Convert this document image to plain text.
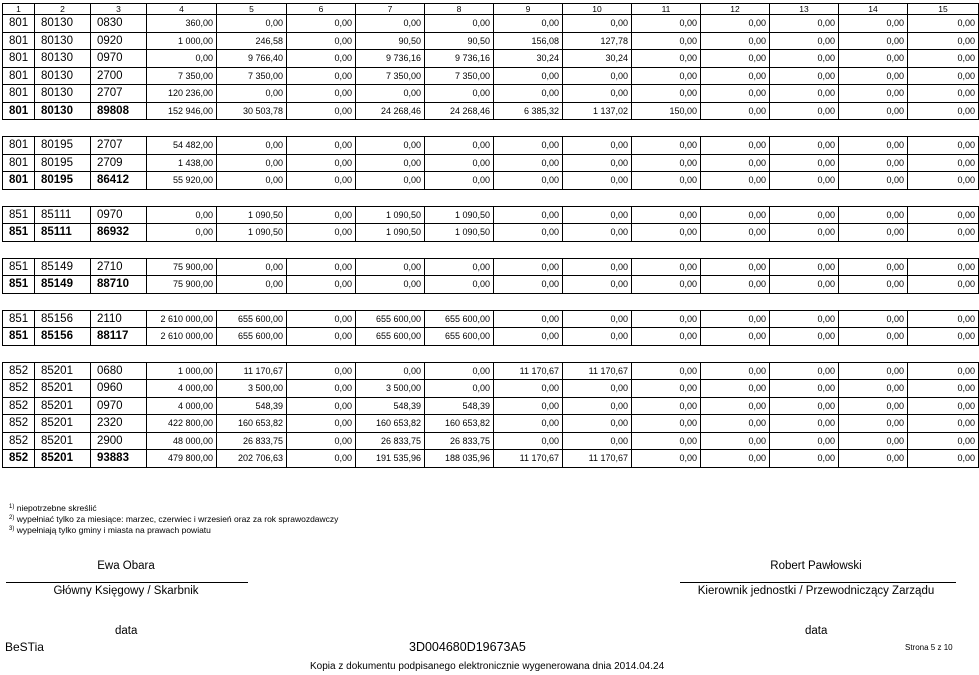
1	2	3	4	5	6	7	8	9	10	11	12	13	14	15
801	80130	0830	360,00	0,00	0,00	0,00	0,00	0,00	0,00	0,00	0,00	0,00	0,00	0,00
801	80130	0920	1 000,00	246,58	0,00	90,50	90,50	156,08	127,78	0,00	0,00	0,00	0,00	0,00
801	80130	0970	0,00	9 766,40	0,00	9 736,16	9 736,16	30,24	30,24	0,00	0,00	0,00	0,00	0,00
801	80130	2700	7 350,00	7 350,00	0,00	7 350,00	7 350,00	0,00	0,00	0,00	0,00	0,00	0,00	0,00
801	80130	2707	120 236,00	0,00	0,00	0,00	0,00	0,00	0,00	0,00	0,00	0,00	0,00	0,00
801	80130	89808	152 946,00	30 503,78	0,00	24 268,46	24 268,46	6 385,32	1 137,02	150,00	0,00	0,00	0,00	0,00

801	80195	2707	54 482,00	0,00	0,00	0,00	0,00	0,00	0,00	0,00	0,00	0,00	0,00	0,00
801	80195	2709	1 438,00	0,00	0,00	0,00	0,00	0,00	0,00	0,00	0,00	0,00	0,00	0,00
801	80195	86412	55 920,00	0,00	0,00	0,00	0,00	0,00	0,00	0,00	0,00	0,00	0,00	0,00

851	85111	0970	0,00	1 090,50	0,00	1 090,50	1 090,50	0,00	0,00	0,00	0,00	0,00	0,00	0,00
851	85111	86932	0,00	1 090,50	0,00	1 090,50	1 090,50	0,00	0,00	0,00	0,00	0,00	0,00	0,00

851	85149	2710	75 900,00	0,00	0,00	0,00	0,00	0,00	0,00	0,00	0,00	0,00	0,00	0,00
851	85149	88710	75 900,00	0,00	0,00	0,00	0,00	0,00	0,00	0,00	0,00	0,00	0,00	0,00

851	85156	2110	2 610 000,00	655 600,00	0,00	655 600,00	655 600,00	0,00	0,00	0,00	0,00	0,00	0,00	0,00
851	85156	88117	2 610 000,00	655 600,00	0,00	655 600,00	655 600,00	0,00	0,00	0,00	0,00	0,00	0,00	0,00

852	85201	0680	1 000,00	11 170,67	0,00	0,00	0,00	11 170,67	11 170,67	0,00	0,00	0,00	0,00	0,00
852	85201	0960	4 000,00	3 500,00	0,00	3 500,00	0,00	0,00	0,00	0,00	0,00	0,00	0,00	0,00
852	85201	0970	4 000,00	548,39	0,00	548,39	548,39	0,00	0,00	0,00	0,00	0,00	0,00	0,00
852	85201	2320	422 800,00	160 653,82	0,00	160 653,82	160 653,82	0,00	0,00	0,00	0,00	0,00	0,00	0,00
852	85201	2900	48 000,00	26 833,75	0,00	26 833,75	26 833,75	0,00	0,00	0,00	0,00	0,00	0,00	0,00
852	85201	93883	479 800,00	202 706,63	0,00	191 535,96	188 035,96	11 170,67	11 170,67	0,00	0,00	0,00	0,00	0,00
$^{1)}$ niepotrzebne skreślić
$^{2)}$ wypełniać tylko za miesiące: marzec, czerwiec i wrzesień oraz za rok sprawozdawczy
$^{3)}$ wypełniają tylko gminy i miasta na prawach powiatu
Ewa Obara
Główny Księgowy / Skarbnik
Robert Pawłowski
Kierownik jednostki / Przewodniczący Zarządu
data	data
BeSTia	3D004680D19673A5	Strona 5 z 10
Kopia z dokumentu podpisanego elektronicznie wygenerowana dnia 2014.04.24
